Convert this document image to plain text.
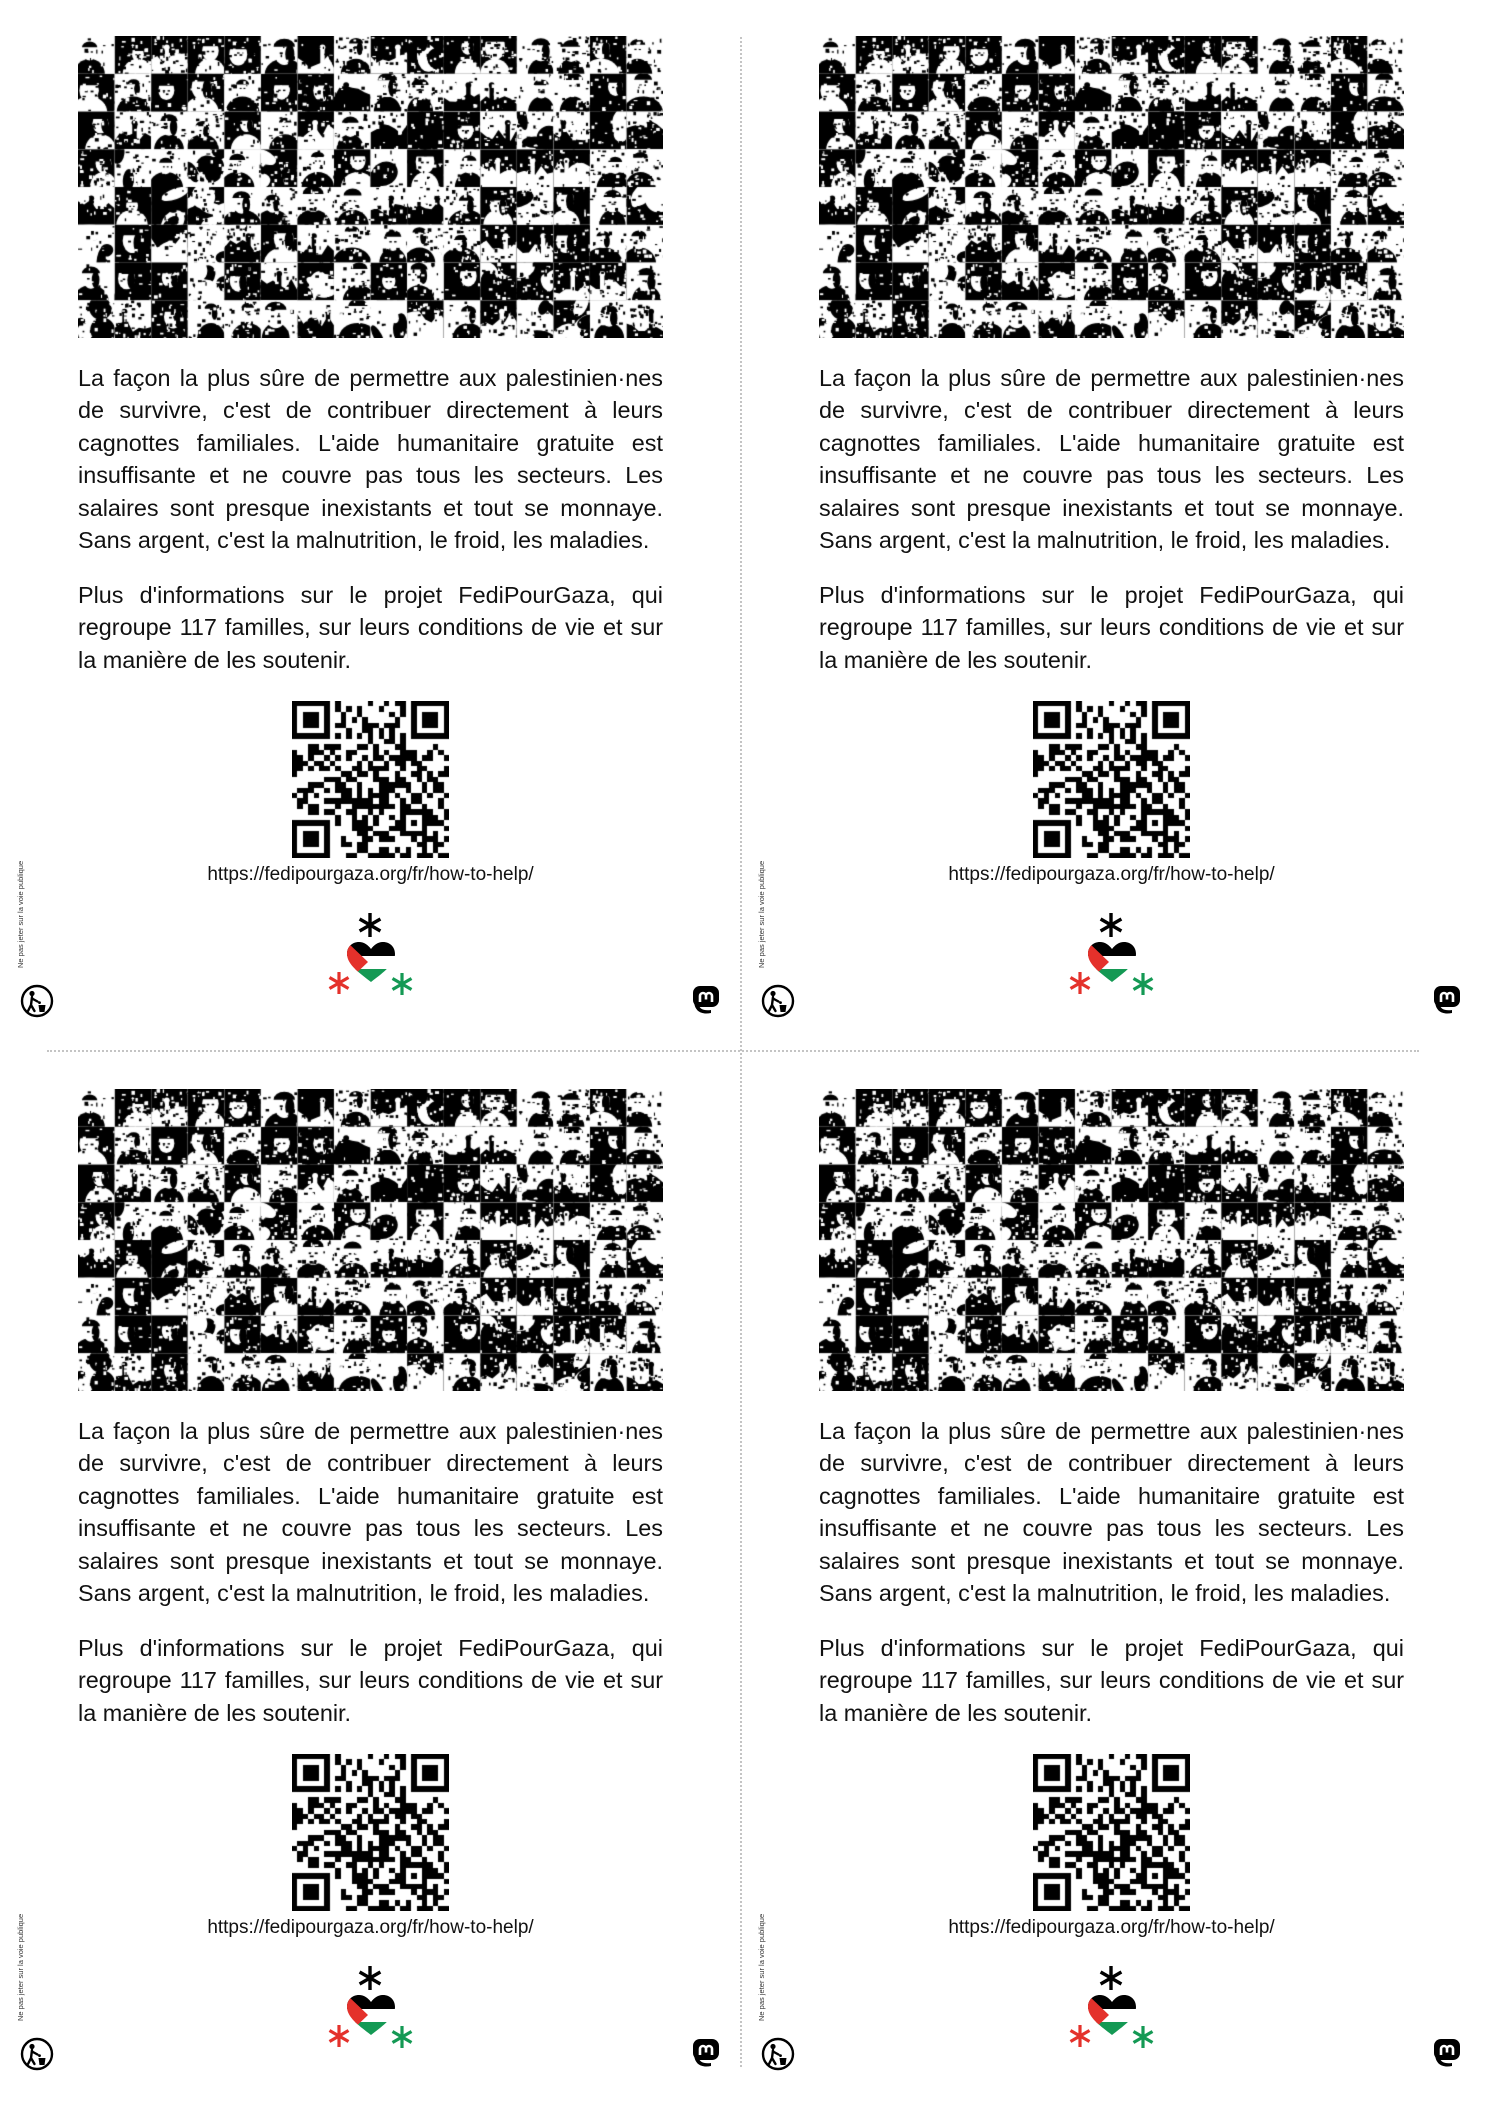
La façon la plus sûre de permettre aux palestinien·nes de survivre, c'est de contribuer directement à leurs cagnottes familiales. L'aide humanitaire gratuite est insuffisante et ne couvre pas tous les secteurs. Les salaires sont presque inexistants et tout se monnaye. Sans argent, c'est la malnutrition, le froid, les maladies.

Plus d'informations sur le projet FediPourGaza, qui regroupe 117 familles, sur leurs conditions de vie et sur la manière de les soutenir.

https://fedipourgaza.org/fr/how-to-help/
Ne pas jeter sur la voie publique

La façon la plus sûre de permettre aux palestinien·nes de survivre, c'est de contribuer directement à leurs cagnottes familiales. L'aide humanitaire gratuite est insuffisante et ne couvre pas tous les secteurs. Les salaires sont presque inexistants et tout se monnaye. Sans argent, c'est la malnutrition, le froid, les maladies.

Plus d'informations sur le projet FediPourGaza, qui regroupe 117 familles, sur leurs conditions de vie et sur la manière de les soutenir.

https://fedipourgaza.org/fr/how-to-help/
Ne pas jeter sur la voie publique

La façon la plus sûre de permettre aux palestinien·nes de survivre, c'est de contribuer directement à leurs cagnottes familiales. L'aide humanitaire gratuite est insuffisante et ne couvre pas tous les secteurs. Les salaires sont presque inexistants et tout se monnaye. Sans argent, c'est la malnutrition, le froid, les maladies.

Plus d'informations sur le projet FediPourGaza, qui regroupe 117 familles, sur leurs conditions de vie et sur la manière de les soutenir.

https://fedipourgaza.org/fr/how-to-help/
Ne pas jeter sur la voie publique

La façon la plus sûre de permettre aux palestinien·nes de survivre, c'est de contribuer directement à leurs cagnottes familiales. L'aide humanitaire gratuite est insuffisante et ne couvre pas tous les secteurs. Les salaires sont presque inexistants et tout se monnaye. Sans argent, c'est la malnutrition, le froid, les maladies.

Plus d'informations sur le projet FediPourGaza, qui regroupe 117 familles, sur leurs conditions de vie et sur la manière de les soutenir.

https://fedipourgaza.org/fr/how-to-help/
Ne pas jeter sur la voie publique
